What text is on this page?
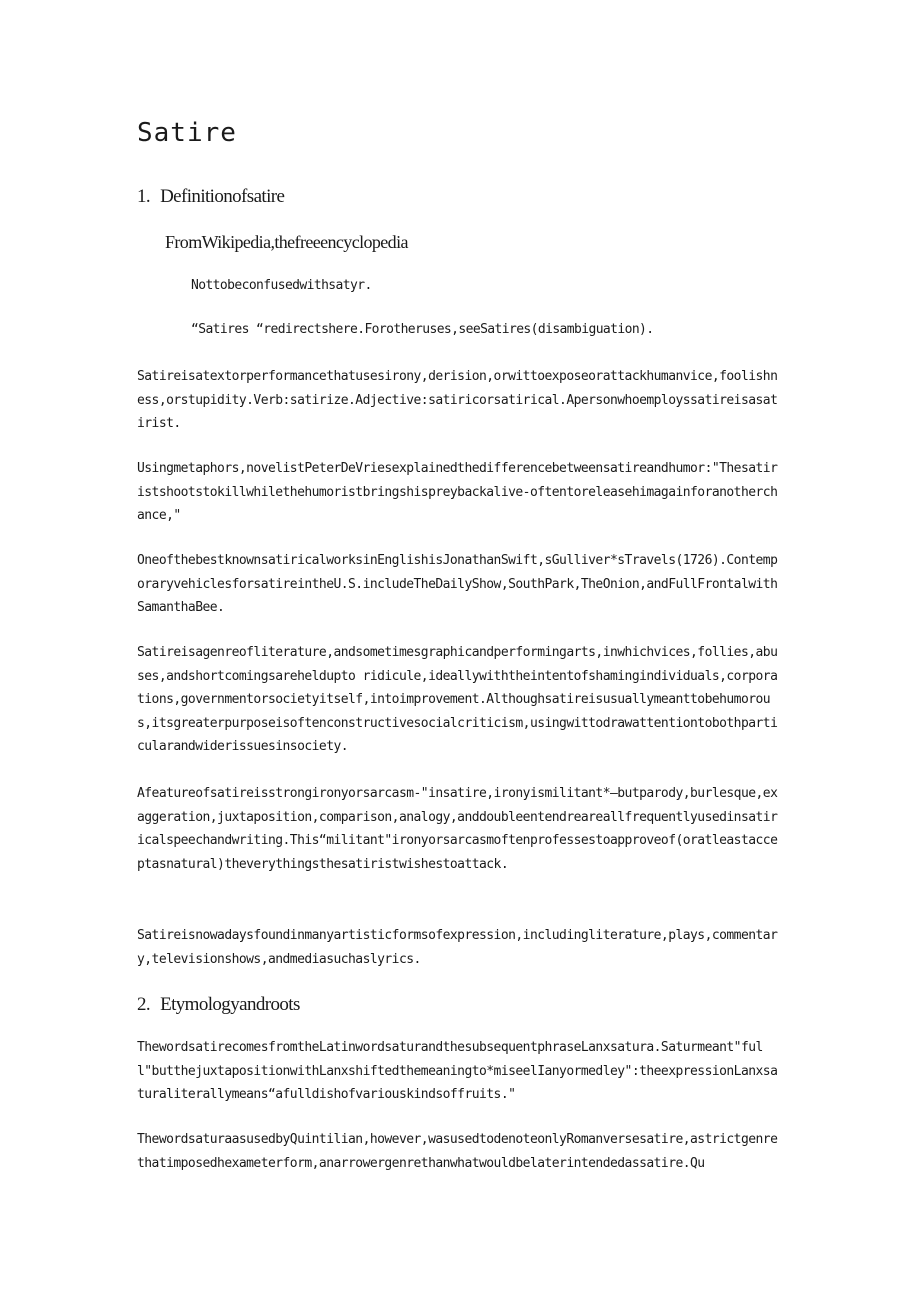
Satire
1. Definitionofsatire

FromWikipedia,thefreeencyclopedia

Nottobeconfusedwithsatyr.

“Satires “redirectshere.Forotheruses,seeSatires(disambiguation).

Satireisatextorperformancethatusesirony,derision,orwittoexposeorattackhumanvice,foolishness,orstupidity.Verb:satirize.Adjective:satiricorsatirical.Apersonwhoemployssatireisasatirist.

Usingmetaphors,novelistPeterDeVriesexplainedthedifferencebetweensatireandhumor:"Thesatiristshootstokillwhilethehumoristbringshispreybackalive-oftentoreleasehimagainforanotherchance,"

OneofthebestknownsatiricalworksinEnglishisJonathanSwift,sGulliver*sTravels(1726).ContemporaryvehiclesforsatireintheU.S.includeTheDailyShow,SouthPark,TheOnion,andFullFrontalwithSamanthaBee.

Satireisagenreofliterature,andsometimesgraphicandperformingarts,inwhichvices,follies,abuses,andshortcomingsareheldupto ridicule,ideallywiththeintentofshamingindividuals,corporations,governmentorsocietyitself,intoimprovement.Althoughsatireisusuallymeanttobehumorous,itsgreaterpurposeisoftenconstructivesocialcriticism,usingwittodrawattentiontobothparticularandwiderissuesinsociety.

Afeatureofsatireisstrongironyorsarcasm-"insatire,ironyismilitant*—butparody,burlesque,exaggeration,juxtaposition,comparison,analogy,anddoubleentendreareallfrequentlyusedinsatiricalspeechandwriting.This“militant"ironyorsarcasmoftenprofessestoapproveof(oratleastacceptasnatural)theverythingsthesatiristwishestoattack.

Satireisnowadaysfoundinmanyartisticformsofexpression,includingliterature,plays,commentary,televisionshows,andmediasuchaslyrics.

2. Etymologyandroots

ThewordsatirecomesfromtheLatinwordsaturandthesubsequentphraseLanxsatura.Saturmeant"full"butthejuxtapositionwithLanxshiftedthemeaningto*miseelIanyormedley":theexpressionLanxsaturaliterallymeans“afulldishofvariouskindsoffruits."

ThewordsaturaasusedbyQuintilian,however,wasusedtodenoteonlyRomanversesatire,astrictgenrethatimposedhexameterform,anarrowergenrethanwhatwouldbelaterintendedassatire.Qu
